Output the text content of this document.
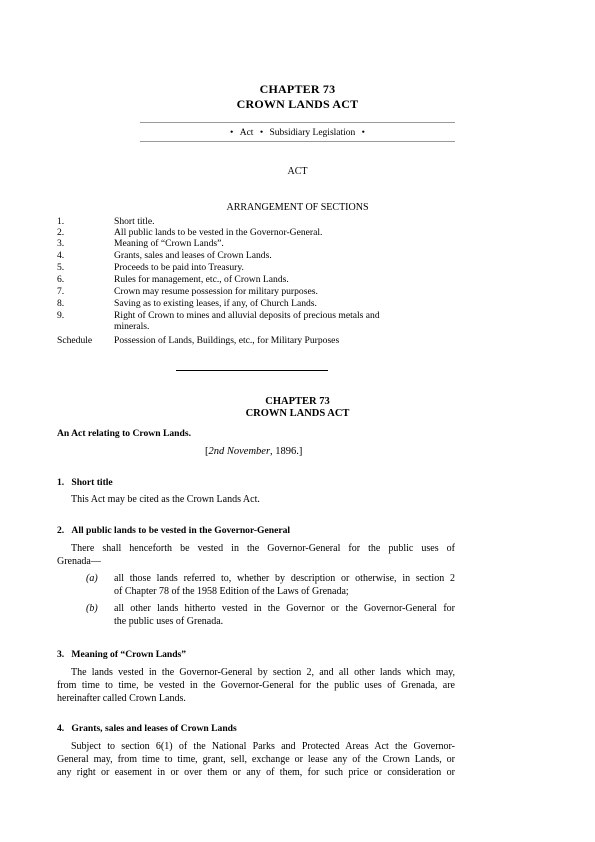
CHAPTER 73
CROWN LANDS ACT
• Act • Subsidiary Legislation •
ACT
ARRANGEMENT OF SECTIONS
1.	Short title.
2.	All public lands to be vested in the Governor-General.
3.	Meaning of “Crown Lands”.
4.	Grants, sales and leases of Crown Lands.
5.	Proceeds to be paid into Treasury.
6.	Rules for management, etc., of Crown Lands.
7.	Crown may resume possession for military purposes.
8.	Saving as to existing leases, if any, of Church Lands.
9.	Right of Crown to mines and alluvial deposits of precious metals and
minerals.
Schedule Possession of Lands, Buildings, etc., for Military Purposes
CHAPTER 73
CROWN LANDS ACT
An Act relating to Crown Lands.
[2nd November, 1896.]
1.   Short title
This Act may be cited as the Crown Lands Act.
2.   All public lands to be vested in the Governor-General
There shall henceforth be vested in the Governor-General for the public uses of
Grenada—
(a) all those lands referred to, whether by description or otherwise, in section 2
of Chapter 78 of the 1958 Edition of the Laws of Grenada;
(b) all other lands hitherto vested in the Governor or the Governor-General for
the public uses of Grenada.
3.   Meaning of “Crown Lands”
The lands vested in the Governor-General by section 2, and all other lands which may,
from time to time, be vested in the Governor-General for the public uses of Grenada, are
hereinafter called Crown Lands.
4.   Grants, sales and leases of Crown Lands
Subject to section 6(1) of the National Parks and Protected Areas Act the Governor-
General may, from time to time, grant, sell, exchange or lease any of the Crown Lands, or
any right or easement in or over them or any of them, for such price or consideration or
